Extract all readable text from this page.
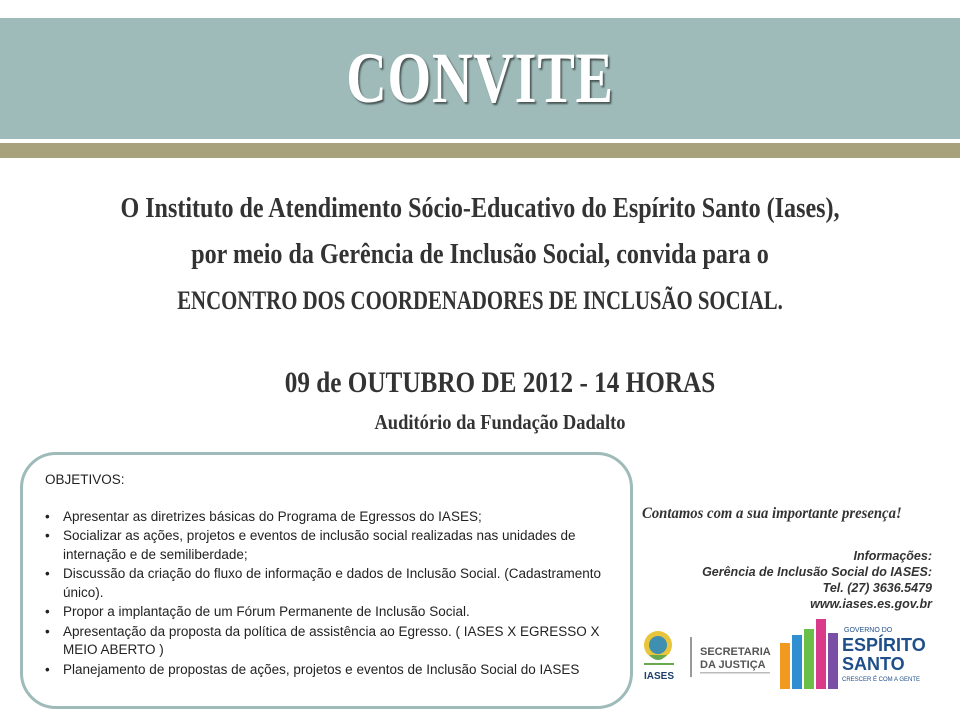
CONVITE
O Instituto de Atendimento Sócio-Educativo do Espírito Santo (Iases),
por meio da Gerência de Inclusão Social, convida para o
ENCONTRO DOS COORDENADORES DE INCLUSÃO SOCIAL.
09 de OUTUBRO DE 2012 - 14 HORAS
Auditório da Fundação Dadalto
OBJETIVOS:
• Apresentar as diretrizes básicas do Programa de Egressos do IASES;
• Socializar as ações, projetos e eventos de inclusão social realizadas nas unidades de internação e de semiliberdade;
• Discussão da criação do fluxo de informação e dados de Inclusão Social. (Cadastramento único).
• Propor a implantação de um Fórum Permanente de Inclusão Social.
• Apresentação da proposta da política de assistência ao Egresso. ( IASES X EGRESSO X MEIO ABERTO )
• Planejamento de propostas de ações, projetos e eventos de Inclusão Social do IASES
Contamos com a sua importante presença!
Informações:
Gerência de Inclusão Social do IASES:
Tel. (27) 3636.5479
www.iases.es.gov.br
IASES
SECRETARIA
DA JUSTIÇA
GOVERNO DO
ESPÍRITO
SANTO
CRESCER É COM A GENTE
